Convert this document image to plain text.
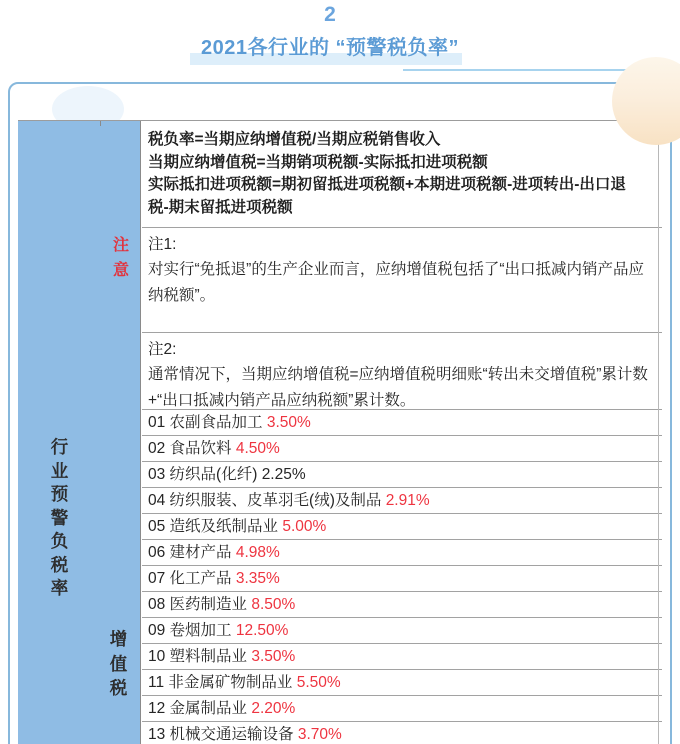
2
2021各行业的 “预警税负率”
注意
行业预警负税率
增值税
税负率=当期应纳增值税/当期应税销售收入
当期应纳增值税=当期销项税额-实际抵扣进项税额
实际抵扣进项税额=期初留抵进项税额+本期进项税额-进项转出-出口退税-期末留抵进项税额
注1:
对实行“免抵退”的生产企业而言，应纳增值税包括了“出口抵减内销产品应纳税额”。
注2:
通常情况下，当期应纳增值税=应纳增值税明细账“转出未交增值税”累计数+“出口抵减内销产品应纳税额”累计数。
01 农副食品加工 3.50%
02 食品饮料 4.50%
03 纺织品(化纤) 2.25%
04 纺织服装、皮革羽毛(绒)及制品 2.91%
05 造纸及纸制品业 5.00%
06 建材产品 4.98%
07 化工产品 3.35%
08 医药制造业 8.50%
09 卷烟加工 12.50%
10 塑料制品业 3.50%
11 非金属矿物制品业 5.50%
12 金属制品业 2.20%
13 机械交通运输设备 3.70%
